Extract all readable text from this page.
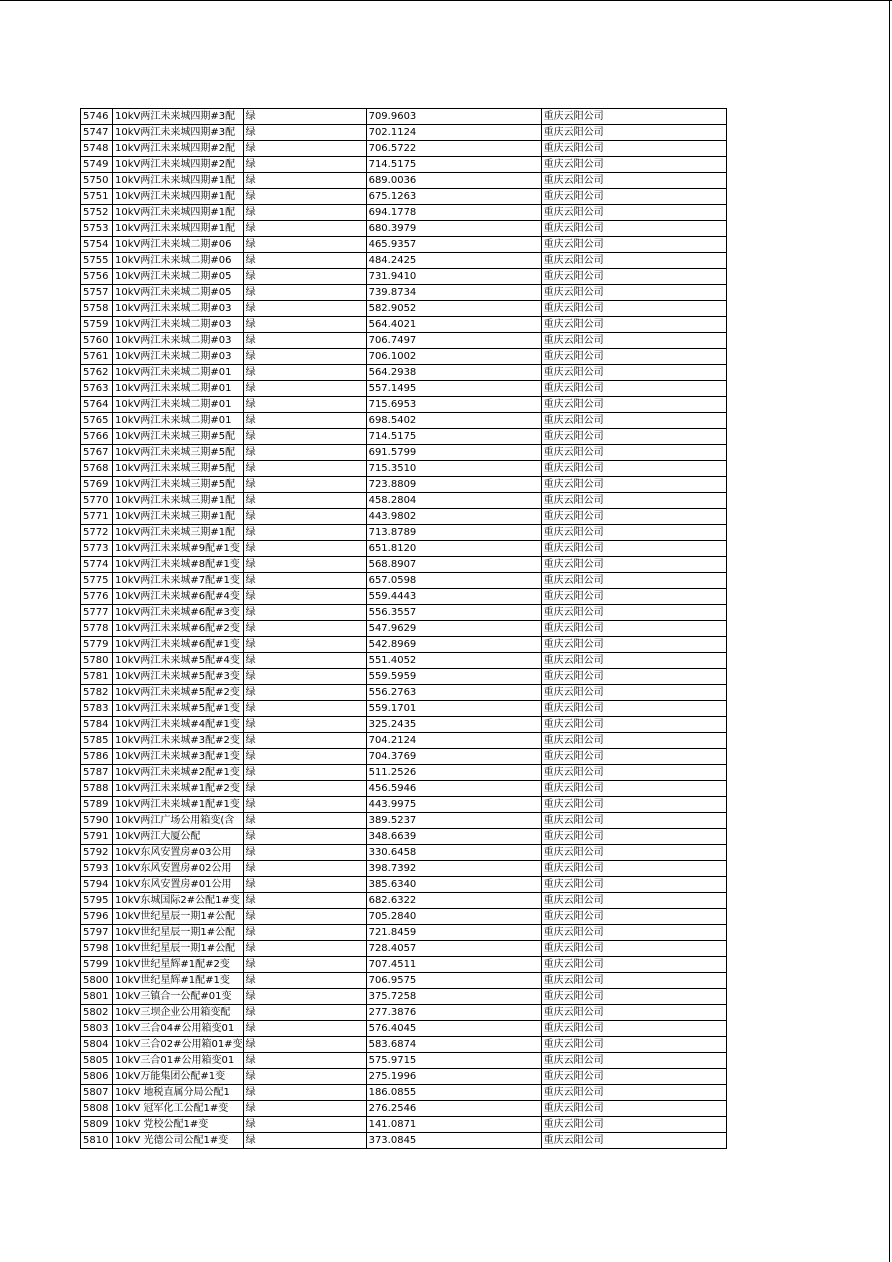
5746	10kV两江未来城四期#3配	绿	709.9603	重庆云阳公司
5747	10kV两江未来城四期#3配	绿	702.1124	重庆云阳公司
5748	10kV两江未来城四期#2配	绿	706.5722	重庆云阳公司
5749	10kV两江未来城四期#2配	绿	714.5175	重庆云阳公司
5750	10kV两江未来城四期#1配	绿	689.0036	重庆云阳公司
5751	10kV两江未来城四期#1配	绿	675.1263	重庆云阳公司
5752	10kV两江未来城四期#1配	绿	694.1778	重庆云阳公司
5753	10kV两江未来城四期#1配	绿	680.3979	重庆云阳公司
5754	10kV两江未来城二期#06	绿	465.9357	重庆云阳公司
5755	10kV两江未来城二期#06	绿	484.2425	重庆云阳公司
5756	10kV两江未来城二期#05	绿	731.9410	重庆云阳公司
5757	10kV两江未来城二期#05	绿	739.8734	重庆云阳公司
5758	10kV两江未来城二期#03	绿	582.9052	重庆云阳公司
5759	10kV两江未来城二期#03	绿	564.4021	重庆云阳公司
5760	10kV两江未来城二期#03	绿	706.7497	重庆云阳公司
5761	10kV两江未来城二期#03	绿	706.1002	重庆云阳公司
5762	10kV两江未来城二期#01	绿	564.2938	重庆云阳公司
5763	10kV两江未来城二期#01	绿	557.1495	重庆云阳公司
5764	10kV两江未来城二期#01	绿	715.6953	重庆云阳公司
5765	10kV两江未来城二期#01	绿	698.5402	重庆云阳公司
5766	10kV两江未来城三期#5配	绿	714.5175	重庆云阳公司
5767	10kV两江未来城三期#5配	绿	691.5799	重庆云阳公司
5768	10kV两江未来城三期#5配	绿	715.3510	重庆云阳公司
5769	10kV两江未来城三期#5配	绿	723.8809	重庆云阳公司
5770	10kV两江未来城三期#1配	绿	458.2804	重庆云阳公司
5771	10kV两江未来城三期#1配	绿	443.9802	重庆云阳公司
5772	10kV两江未来城三期#1配	绿	713.8789	重庆云阳公司
5773	10kV两江未来城#9配#1变	绿	651.8120	重庆云阳公司
5774	10kV两江未来城#8配#1变	绿	568.8907	重庆云阳公司
5775	10kV两江未来城#7配#1变	绿	657.0598	重庆云阳公司
5776	10kV两江未来城#6配#4变	绿	559.4443	重庆云阳公司
5777	10kV两江未来城#6配#3变	绿	556.3557	重庆云阳公司
5778	10kV两江未来城#6配#2变	绿	547.9629	重庆云阳公司
5779	10kV两江未来城#6配#1变	绿	542.8969	重庆云阳公司
5780	10kV两江未来城#5配#4变	绿	551.4052	重庆云阳公司
5781	10kV两江未来城#5配#3变	绿	559.5959	重庆云阳公司
5782	10kV两江未来城#5配#2变	绿	556.2763	重庆云阳公司
5783	10kV两江未来城#5配#1变	绿	559.1701	重庆云阳公司
5784	10kV两江未来城#4配#1变	绿	325.2435	重庆云阳公司
5785	10kV两江未来城#3配#2变	绿	704.2124	重庆云阳公司
5786	10kV两江未来城#3配#1变	绿	704.3769	重庆云阳公司
5787	10kV两江未来城#2配#1变	绿	511.2526	重庆云阳公司
5788	10kV两江未来城#1配#2变	绿	456.5946	重庆云阳公司
5789	10kV两江未来城#1配#1变	绿	443.9975	重庆云阳公司
5790	10kV两江广场公用箱变(含	绿	389.5237	重庆云阳公司
5791	10kV两江大厦公配	绿	348.6639	重庆云阳公司
5792	10kV东风安置房#03公用	绿	330.6458	重庆云阳公司
5793	10kV东风安置房#02公用	绿	398.7392	重庆云阳公司
5794	10kV东风安置房#01公用	绿	385.6340	重庆云阳公司
5795	10kV东城国际2#公配1#变	绿	682.6322	重庆云阳公司
5796	10kV世纪星辰一期1#公配	绿	705.2840	重庆云阳公司
5797	10kV世纪星辰一期1#公配	绿	721.8459	重庆云阳公司
5798	10kV世纪星辰一期1#公配	绿	728.4057	重庆云阳公司
5799	10kV世纪星辉#1配#2变	绿	707.4511	重庆云阳公司
5800	10kV世纪星辉#1配#1变	绿	706.9575	重庆云阳公司
5801	10kV三镇合一公配#01变	绿	375.7258	重庆云阳公司
5802	10kV三坝企业公用箱变配	绿	277.3876	重庆云阳公司
5803	10kV三合04#公用箱变01	绿	576.4045	重庆云阳公司
5804	10kV三合02#公用箱01#变	绿	583.6874	重庆云阳公司
5805	10kV三合01#公用箱变01	绿	575.9715	重庆云阳公司
5806	10kV万能集团公配#1变	绿	275.1996	重庆云阳公司
5807	10kV 地税直属分局公配1	绿	186.0855	重庆云阳公司
5808	10kV 冠军化工公配1#变	绿	276.2546	重庆云阳公司
5809	10kV 党校公配1#变	绿	141.0871	重庆云阳公司
5810	10kV 光德公司公配1#变	绿	373.0845	重庆云阳公司
